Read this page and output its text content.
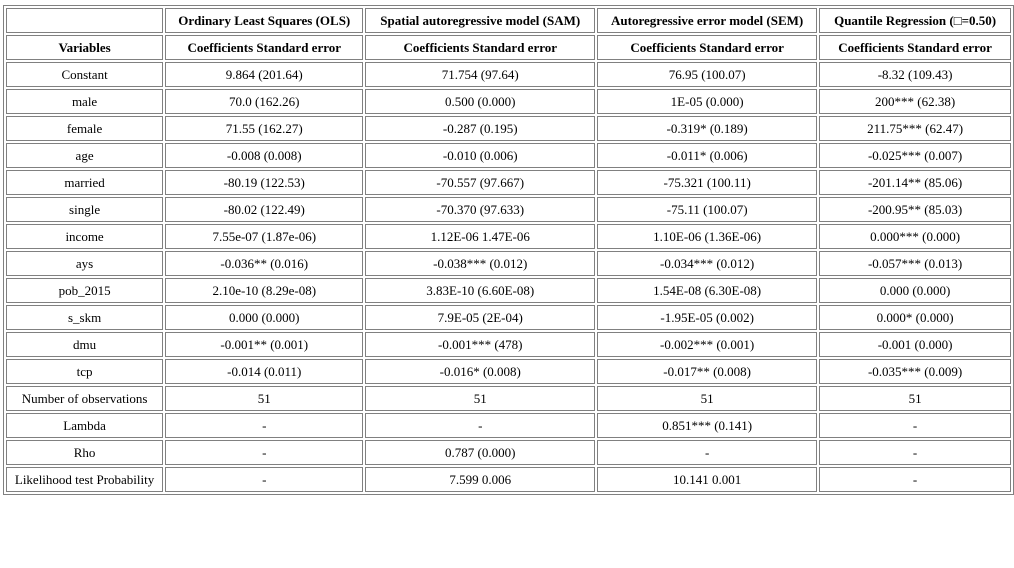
	Ordinary Least Squares (OLS)	Spatial autoregressive model (SAM)	Autoregressive error model (SEM)	Quantile Regression (□=0.50)
Variables	Coefficients Standard error	Coefficients Standard error	Coefficients Standard error	Coefficients Standard error
Constant	9.864 (201.64)	71.754 (97.64)	76.95 (100.07)	-8.32 (109.43)
male	70.0 (162.26)	0.500 (0.000)	1E-05 (0.000)	200*** (62.38)
female	71.55 (162.27)	-0.287 (0.195)	-0.319* (0.189)	211.75*** (62.47)
age	-0.008 (0.008)	-0.010 (0.006)	-0.011* (0.006)	-0.025*** (0.007)
married	-80.19 (122.53)	-70.557 (97.667)	-75.321 (100.11)	-201.14** (85.06)
single	-80.02 (122.49)	-70.370 (97.633)	-75.11 (100.07)	-200.95** (85.03)
income	7.55e-07 (1.87e-06)	1.12E-06 1.47E-06	1.10E-06 (1.36E-06)	0.000*** (0.000)
ays	-0.036** (0.016)	-0.038*** (0.012)	-0.034*** (0.012)	-0.057*** (0.013)
pob_2015	2.10e-10 (8.29e-08)	3.83E-10 (6.60E-08)	1.54E-08 (6.30E-08)	0.000 (0.000)
s_skm	0.000 (0.000)	7.9E-05 (2E-04)	-1.95E-05 (0.002)	0.000* (0.000)
dmu	-0.001** (0.001)	-0.001*** (478)	-0.002*** (0.001)	-0.001 (0.000)
tcp	-0.014 (0.011)	-0.016* (0.008)	-0.017** (0.008)	-0.035*** (0.009)
Number of observations	51	51	51	51
Lambda	-	-	0.851*** (0.141)	-
Rho	-	0.787 (0.000)	-	-
Likelihood test Probability	-	7.599 0.006	10.141 0.001	-
